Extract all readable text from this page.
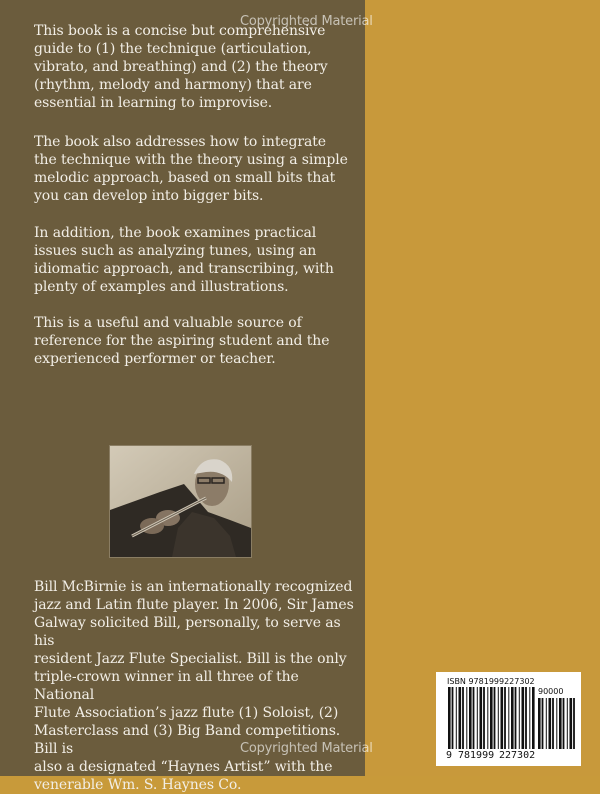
Copyrighted Material

This book is a concise but comprehensive
guide to (1) the technique (articulation,
vibrato, and breathing) and (2) the theory
(rhythm, melody and harmony) that are
essential in learning to improvise.

The book also addresses how to integrate
the technique with the theory using a simple
melodic approach, based on small bits that
you can develop into bigger bits.

In addition, the book examines practical
issues such as analyzing tunes, using an
idiomatic approach, and transcribing, with
plenty of examples and illustrations.

This is a useful and valuable source of
reference for the aspiring student and the
experienced performer or teacher.

Bill McBirnie is an internationally recognized
jazz and Latin flute player. In 2006, Sir James
Galway solicited Bill, personally, to serve as his
resident Jazz Flute Specialist. Bill is the only
triple-crown winner in all three of the National
Flute Association’s jazz flute (1) Soloist, (2)
Masterclass and (3) Big Band competitions. Bill is
also a designated “Haynes Artist” with the
venerable Wm. S. Haynes Co.

ISBN 9781999227302
90000
9 781999 227302
Copyrighted Material
